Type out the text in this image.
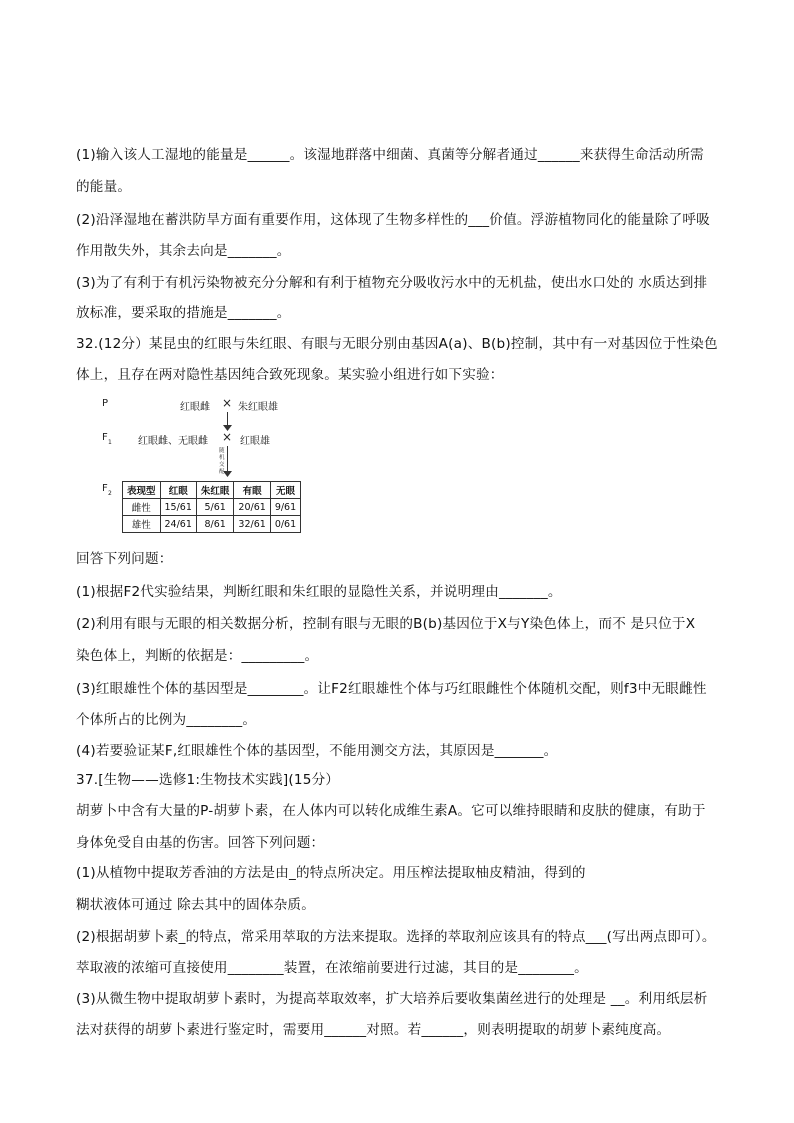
(1)输入该人工湿地的能量是______。该湿地群落中细菌、真菌等分解者通过______来获得生命活动所需
的能量。
(2)沿泽湿地在蓄洪防旱方面有重要作用，这体现了生物多样性的___价值。浮游植物同化的能量除了呼吸
作用散失外，其余去向是_______。
(3)为了有利于有机污染物被充分分解和有利于植物充分吸收污水中的无机盐，使出水口处的 水质达到排
放标准，要采取的措施是_______。
32.(12分）某昆虫的红眼与朱红眼、有眼与无眼分别由基因A(a)、B(b)控制，其中有一对基因位于性染色
体上，且存在两对隐性基因纯合致死现象。某实验小组进行如下实验：
P	红眼雌 × 朱红眼雄
F 1	红眼雌、无眼雌 × 红眼雄
随机交配
F 2 表现型	红眼	朱红眼	有眼	无眼
雌性	15/61	5/61	20/61	9/61
雄性	24/61	8/61	32/61	0/61
回答下列问题：
(1)根据F2代实验结果，判断红眼和朱红眼的显隐性关系，并说明理由_______。
(2)利用有眼与无眼的相关数据分析，控制有眼与无眼的B(b)基因位于X与Y染色体上，而不 是只位于X
染色体上，判断的依据是：_________。
(3)红眼雄性个体的基因型是________。让F2红眼雄性个体与巧红眼雌性个体随机交配，则f3中无眼雌性
个体所占的比例为________。
(4)若要验证某F,红眼雄性个体的基因型，不能用测交方法，其原因是_______。
37.[生物——选修1:生物技术实践](15分）
胡萝卜中含有大量的P-胡萝卜素，在人体内可以转化成维生素A。它可以维持眼睛和皮肤的健康，有助于
身体免受自由基的伤害。回答下列问题：
(1)从植物中提取芳香油的方法是由_的特点所决定。用压榨法提取柚皮精油，得到的
糊状液体可通过 除去其中的固体杂质。
(2)根据胡萝卜素_的特点，常采用萃取的方法来提取。选择的萃取剂应该具有的特点___(写出两点即可）。
萃取液的浓缩可直接使用________装置，在浓缩前要进行过滤，其目的是________。
(3)从微生物中提取胡萝卜素时，为提高萃取效率，扩大培养后要收集菌丝进行的处理是 __。利用纸层析
法对获得的胡萝卜素进行鉴定时，需要用______对照。若______，则表明提取的胡萝卜素纯度高。
